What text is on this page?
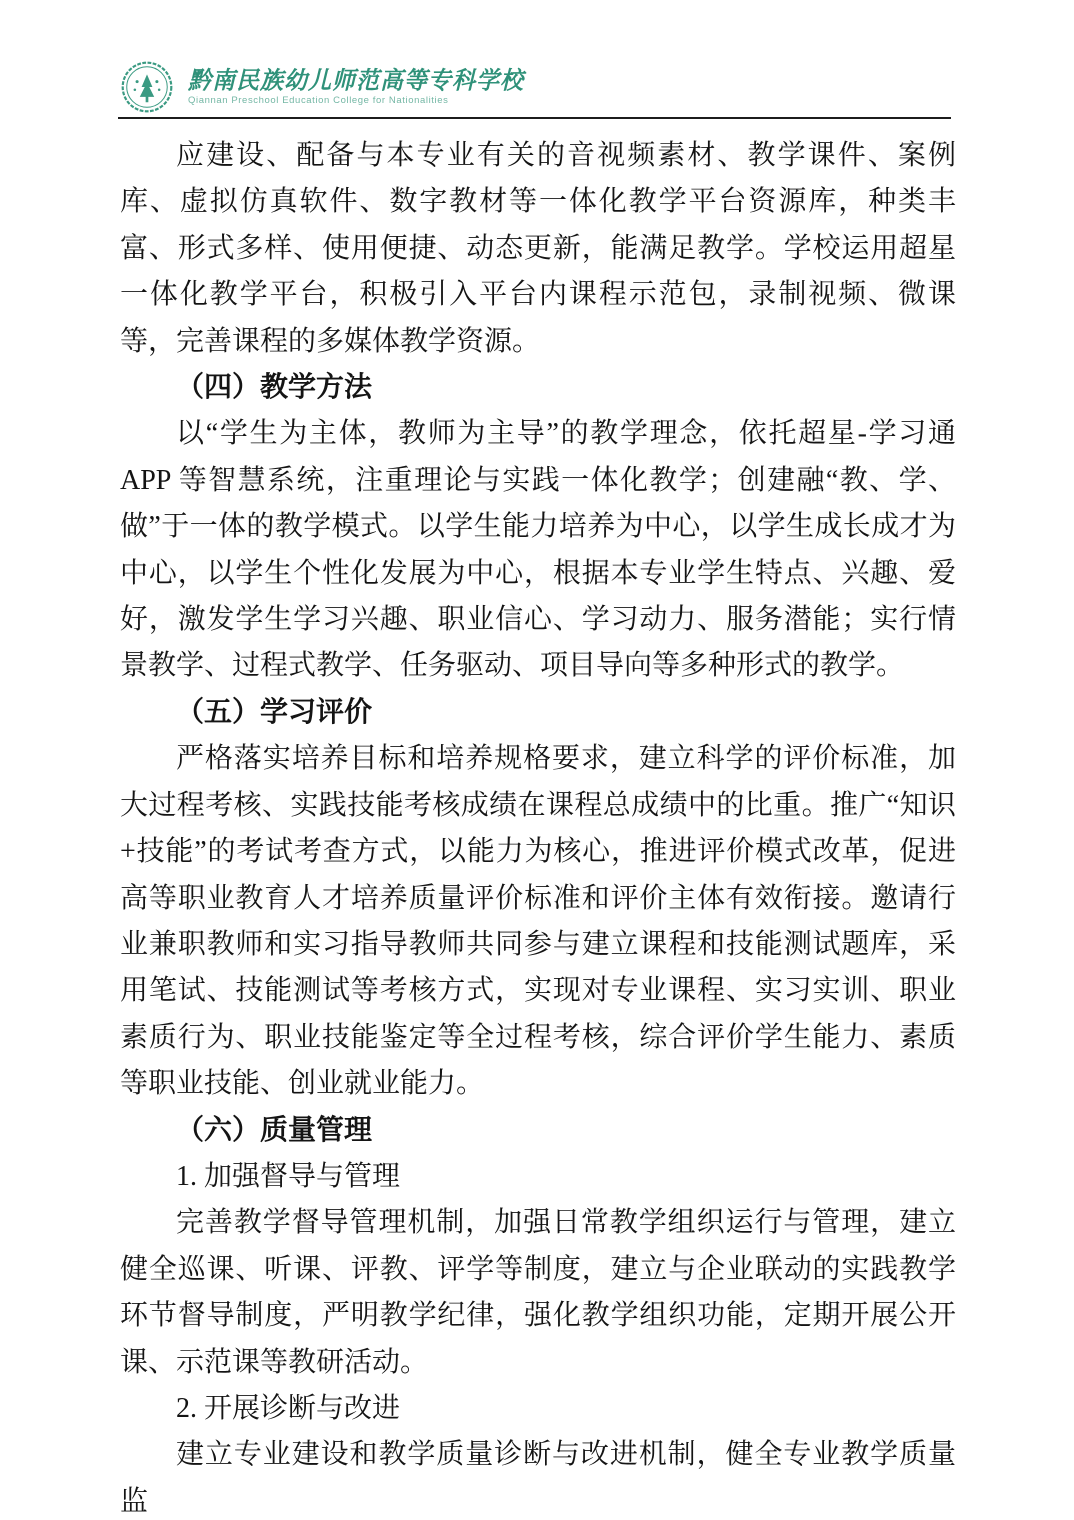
黔南民族幼儿师范高等专科学校
Qiannan Preschool Education College for Nationalities

应建设、配备与本专业有关的音视频素材、教学课件、案例库、虚拟仿真软件、数字教材等一体化教学平台资源库，种类丰富、形式多样、使用便捷、动态更新，能满足教学。学校运用超星一体化教学平台，积极引入平台内课程示范包，录制视频、微课等，完善课程的多媒体教学资源。

（四）教学方法

以“学生为主体，教师为主导”的教学理念，依托超星-学习通 APP 等智慧系统，注重理论与实践一体化教学；创建融“教、学、做”于一体的教学模式。以学生能力培养为中心，以学生成长成才为中心，以学生个性化发展为中心，根据本专业学生特点、兴趣、爱好，激发学生学习兴趣、职业信心、学习动力、服务潜能；实行情景教学、过程式教学、任务驱动、项目导向等多种形式的教学。

（五）学习评价

严格落实培养目标和培养规格要求，建立科学的评价标准，加大过程考核、实践技能考核成绩在课程总成绩中的比重。推广“知识+技能”的考试考查方式，以能力为核心，推进评价模式改革，促进高等职业教育人才培养质量评价标准和评价主体有效衔接。邀请行业兼职教师和实习指导教师共同参与建立课程和技能测试题库，采用笔试、技能测试等考核方式，实现对专业课程、实习实训、职业素质行为、职业技能鉴定等全过程考核，综合评价学生能力、素质等职业技能、创业就业能力。

（六）质量管理
1. 加强督导与管理

完善教学督导管理机制，加强日常教学组织运行与管理，建立健全巡课、听课、评教、评学等制度，建立与企业联动的实践教学环节督导制度，严明教学纪律，强化教学组织功能，定期开展公开课、示范课等教研活动。

2. 开展诊断与改进

建立专业建设和教学质量诊断与改进机制，健全专业教学质量监
